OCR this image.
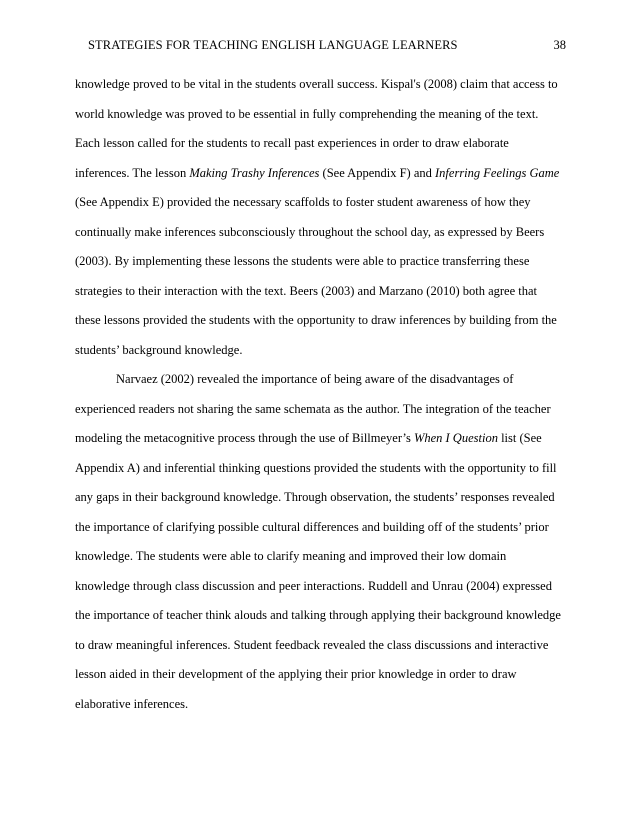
STRATEGIES FOR TEACHING ENGLISH LANGUAGE LEARNERS	38
knowledge proved to be vital in the students overall success. Kispal's (2008) claim that access to
world knowledge was proved to be essential in fully comprehending the meaning of the text.
Each lesson called for the students to recall past experiences in order to draw elaborate
inferences. The lesson Making Trashy Inferences (See Appendix F) and Inferring Feelings Game
(See Appendix E) provided the necessary scaffolds to foster student awareness of how they
continually make inferences subconsciously throughout the school day, as expressed by Beers
(2003). By implementing these lessons the students were able to practice transferring these
strategies to their interaction with the text. Beers (2003) and Marzano (2010) both agree that
these lessons provided the students with the opportunity to draw inferences by building from the
students’ background knowledge.
Narvaez (2002) revealed the importance of being aware of the disadvantages of
experienced readers not sharing the same schemata as the author. The integration of the teacher
modeling the metacognitive process through the use of Billmeyer’s When I Question list (See
Appendix A) and inferential thinking questions provided the students with the opportunity to fill
any gaps in their background knowledge. Through observation, the students’ responses revealed
the importance of clarifying possible cultural differences and building off of the students’ prior
knowledge. The students were able to clarify meaning and improved their low domain
knowledge through class discussion and peer interactions. Ruddell and Unrau (2004) expressed
the importance of teacher think alouds and talking through applying their background knowledge
to draw meaningful inferences. Student feedback revealed the class discussions and interactive
lesson aided in their development of the applying their prior knowledge in order to draw
elaborative inferences.
